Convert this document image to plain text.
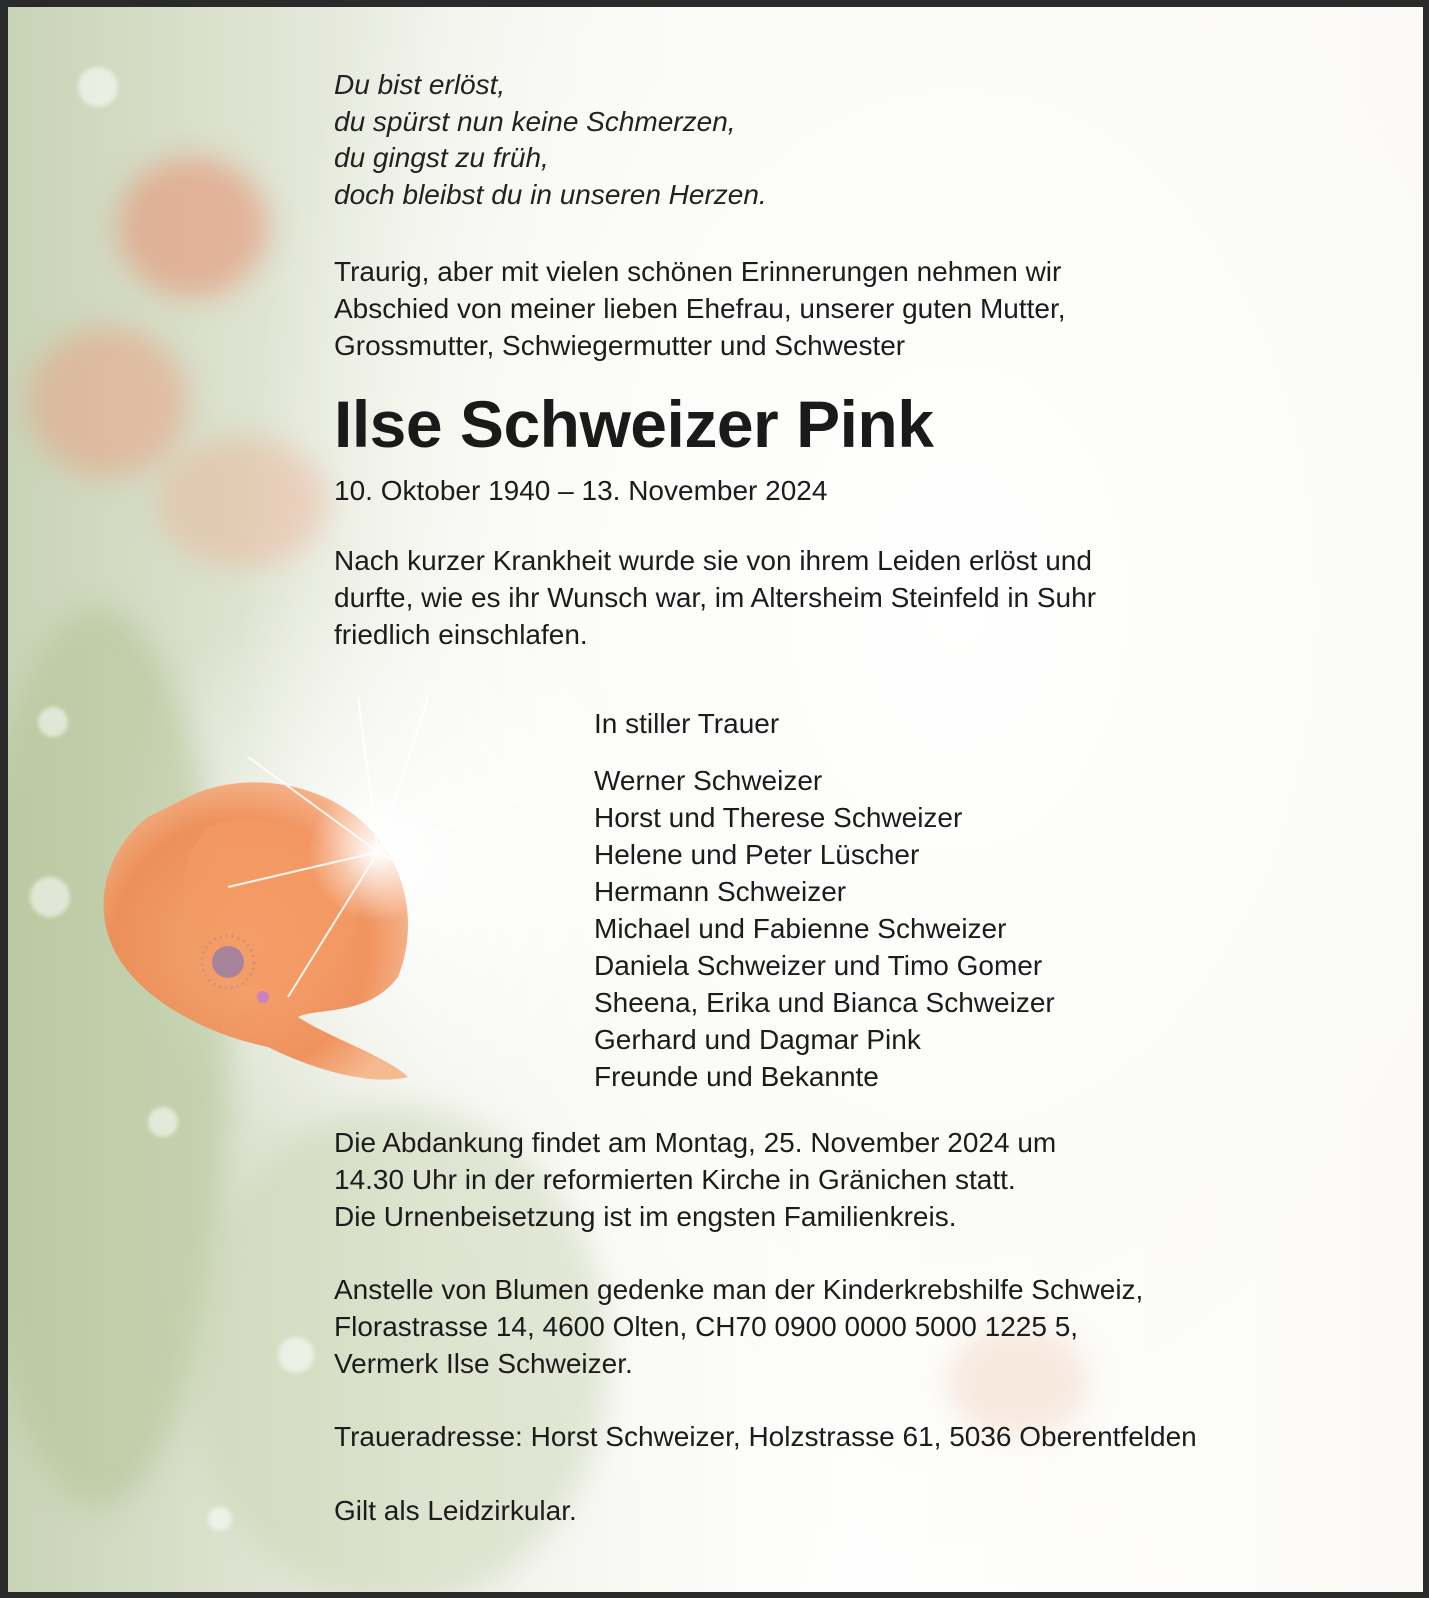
Du bist erlöst,
du spürst nun keine Schmerzen,
du gingst zu früh,
doch bleibst du in unseren Herzen.

Traurig, aber mit vielen schönen Erinnerungen nehmen wir

Abschied von meiner lieben Ehefrau, unserer guten Mutter,

Grossmutter, Schwiegermutter und Schwester

Ilse Schweizer Pink
10. Oktober 1940 – 13. November 2024

Nach kurzer Krankheit wurde sie von ihrem Leiden erlöst und

durfte, wie es ihr Wunsch war, im Altersheim Steinfeld in Suhr

friedlich einschlafen.

In stiller Trauer
Werner Schweizer
Horst und Therese Schweizer
Helene und Peter Lüscher
Hermann Schweizer
Michael und Fabienne Schweizer
Daniela Schweizer und Timo Gomer
Sheena, Erika und Bianca Schweizer
Gerhard und Dagmar Pink
Freunde und Bekannte

Die Abdankung findet am Montag, 25. November 2024 um

14.30 Uhr in der reformierten Kirche in Gränichen statt.

Die Urnenbeisetzung ist im engsten Familienkreis.

Anstelle von Blumen gedenke man der Kinderkrebshilfe Schweiz,

Florastrasse 14, 4600 Olten, CH70 0900 0000 5000 1225 5,

Vermerk Ilse Schweizer.

Traueradresse: Horst Schweizer, Holzstrasse 61, 5036 Oberentfelden

Gilt als Leidzirkular.
